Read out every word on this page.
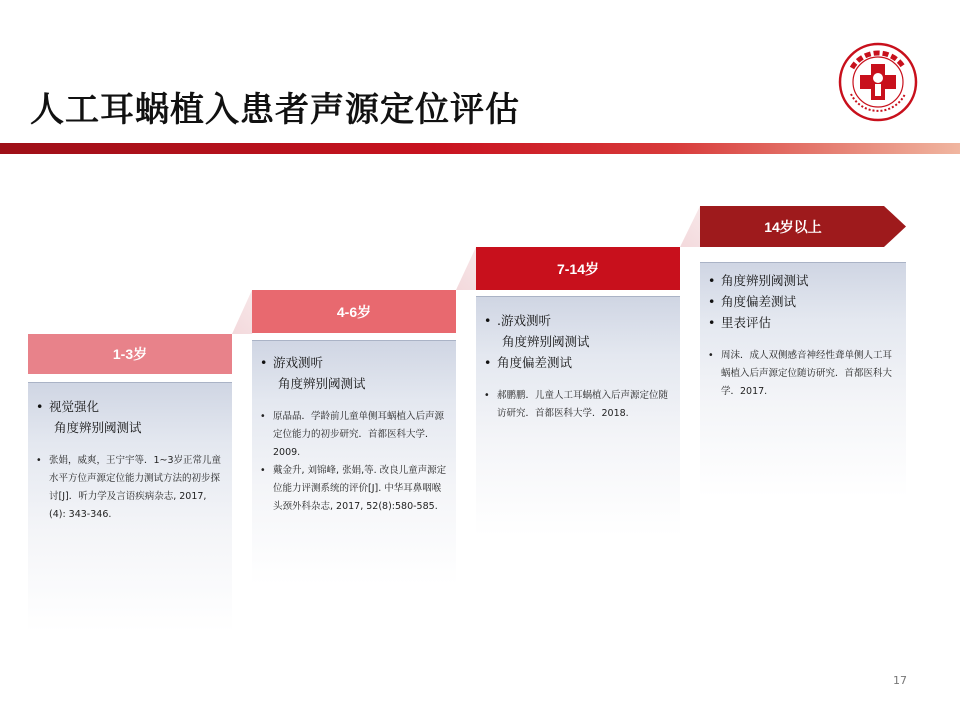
人工耳蜗植入患者声源定位评估
1-3岁
• 视觉强化
角度辨别阈测试
• 张娟，威爽，王宁宇等．1~3岁正常儿童水平方位声源定位能力测试方法的初步探讨[J]．听力学及言语疾病杂志, 2017, (4): 343-346.
4-6岁
• 游戏测听
角度辨别阈测试
• 原晶晶．学龄前儿童单侧耳蜗植入后声源定位能力的初步研究．首都医科大学．2009.
• 戴金升, 刘锦峰, 张娟,等. 改良儿童声源定位能力评测系统的评价[J]. 中华耳鼻咽喉头颈外科杂志, 2017, 52(8):580-585.
7-14岁
• .游戏测听
角度辨别阈测试
• 角度偏差测试
• 郝鹏鹏．儿童人工耳蜗植入后声源定位随访研究．首都医科大学．2018.
14岁以上
• 角度辨别阈测试
• 角度偏差测试
• 里表评估
• 周沫．成人双侧感音神经性聋单侧人工耳蜗植入后声源定位随访研究．首都医科大学．2017.
17
